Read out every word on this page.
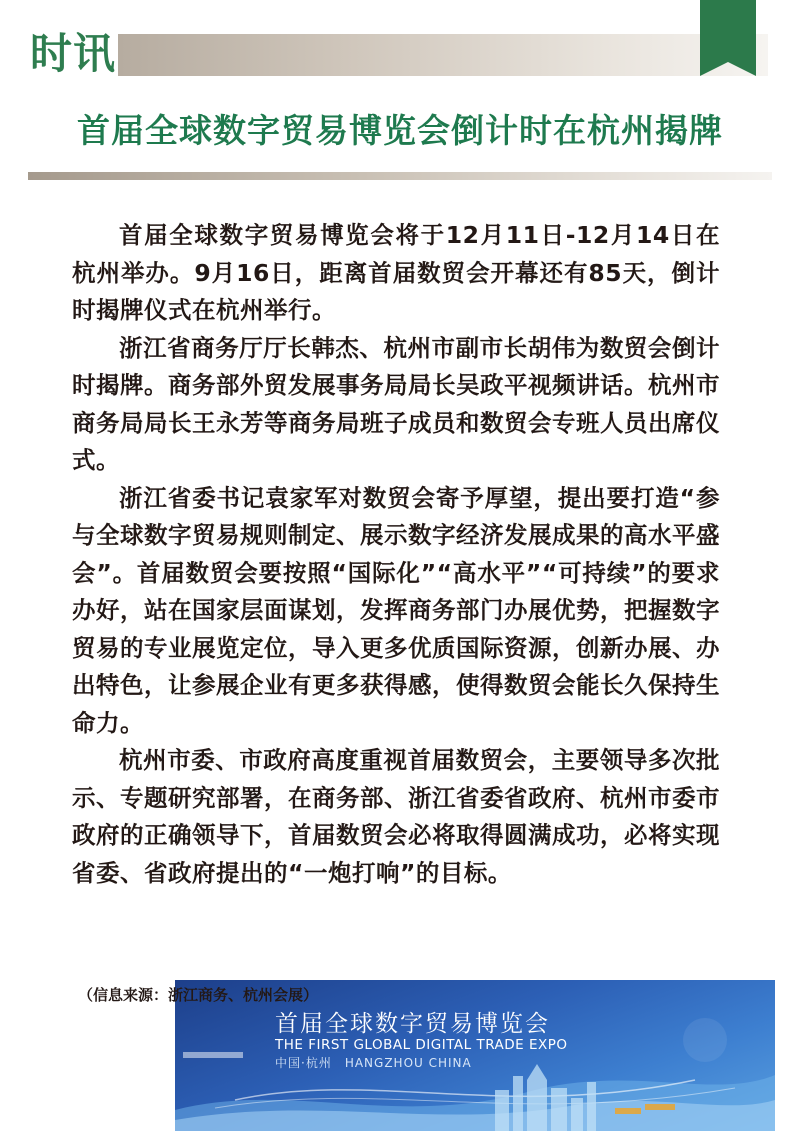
时讯
首届全球数字贸易博览会倒计时在杭州揭牌

首届全球数字贸易博览会将于12月11日-12月14日在杭州举办。9月16日，距离首届数贸会开幕还有85天，倒计时揭牌仪式在杭州举行。

浙江省商务厅厅长韩杰、杭州市副市长胡伟为数贸会倒计时揭牌。商务部外贸发展事务局局长吴政平视频讲话。杭州市商务局局长王永芳等商务局班子成员和数贸会专班人员出席仪式。

浙江省委书记袁家军对数贸会寄予厚望，提出要打造“参与全球数字贸易规则制定、展示数字经济发展成果的高水平盛会”。首届数贸会要按照“国际化”“高水平”“可持续”的要求办好，站在国家层面谋划，发挥商务部门办展优势，把握数字贸易的专业展览定位，导入更多优质国际资源，创新办展、办出特色，让参展企业有更多获得感，使得数贸会能长久保持生命力。

杭州市委、市政府高度重视首届数贸会，主要领导多次批示、专题研究部署，在商务部、浙江省委省政府、杭州市委市政府的正确领导下，首届数贸会必将取得圆满成功，必将实现省委、省政府提出的“一炮打响”的目标。

首届全球数字贸易博览会
THE FIRST GLOBAL DIGITAL TRADE EXPO
中国·杭州　HANGZHOU CHINA
（信息来源：浙江商务、杭州会展）
